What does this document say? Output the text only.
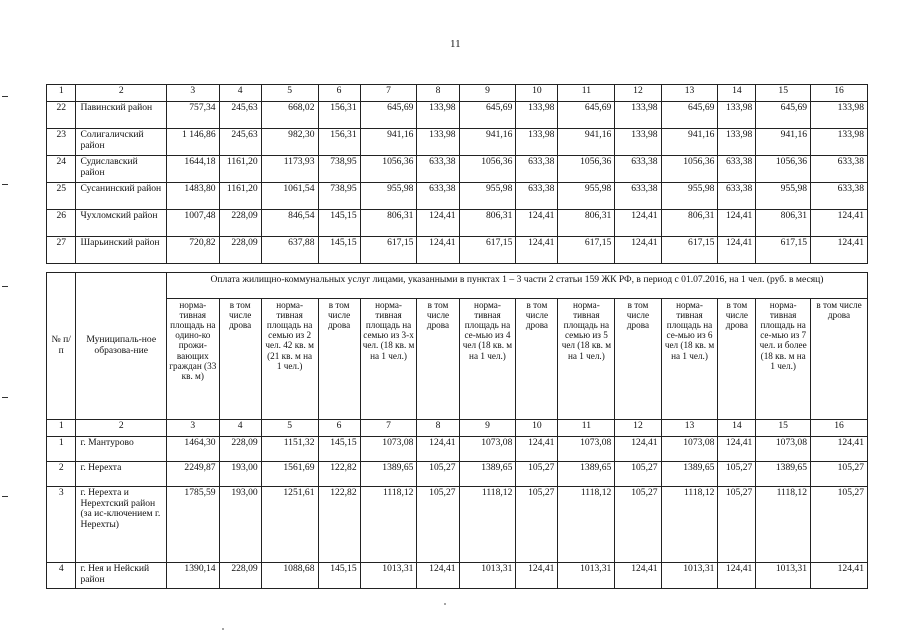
11
1	2	3	4	5	6	7	8	9	10	11	12	13	14	15	16
22	Павинский район	757,34	245,63	668,02	156,31	645,69	133,98	645,69	133,98	645,69	133,98	645,69	133,98	645,69	133,98
23	Солигаличский район	1 146,86	245,63	982,30	156,31	941,16	133,98	941,16	133,98	941,16	133,98	941,16	133,98	941,16	133,98
24	Судиславский район	1644,18	1161,20	1173,93	738,95	1056,36	633,38	1056,36	633,38	1056,36	633,38	1056,36	633,38	1056,36	633,38
25	Сусанинский район	1483,80	1161,20	1061,54	738,95	955,98	633,38	955,98	633,38	955,98	633,38	955,98	633,38	955,98	633,38
26	Чухломский район	1007,48	228,09	846,54	145,15	806,31	124,41	806,31	124,41	806,31	124,41	806,31	124,41	806,31	124,41
27	Шарьинский район	720,82	228,09	637,88	145,15	617,15	124,41	617,15	124,41	617,15	124,41	617,15	124,41	617,15	124,41
№ п/п	Муниципаль-ное образова-ние	Оплата жилищно-коммунальных услуг лицами, указанными в пунктах 1 – 3 части 2 статьи 159 ЖК РФ, в период с 01.07.2016, на 1 чел. (руб. в месяц)													
		норма-тивная площадь на одино-ко прожи-вающих граждан (33 кв. м)	в том числе дрова	норма-тивная площадь на семью из 2 чел. 42 кв. м (21 кв. м на 1 чел.)	в том числе дрова	норма-тивная площадь на семью из 3-х чел. (18 кв. м на 1 чел.)	в том числе дрова	норма-тивная площадь на се-мью из 4 чел (18 кв. м на 1 чел.)	в том числе дрова	норма-тивная площадь на семью из 5 чел (18 кв. м на 1 чел.)	в том числе дрова	норма-тивная площадь на се-мью из 6 чел (18 кв. м на 1 чел.)	в том числе дрова	норма-тивная площадь на се-мью из 7 чел. и более (18 кв. м на 1 чел.)	в том числе дрова
1	2	3	4	5	6	7	8	9	10	11	12	13	14	15	16
1	г. Мантурово	1464,30	228,09	1151,32	145,15	1073,08	124,41	1073,08	124,41	1073,08	124,41	1073,08	124,41	1073,08	124,41
2	г. Нерехта	2249,87	193,00	1561,69	122,82	1389,65	105,27	1389,65	105,27	1389,65	105,27	1389,65	105,27	1389,65	105,27
3	г. Нерехта и Нерехтский район (за ис-ключением г. Нерехты)	1785,59	193,00	1251,61	122,82	1118,12	105,27	1118,12	105,27	1118,12	105,27	1118,12	105,27	1118,12	105,27
4	г. Нея и Нейский район	1390,14	228,09	1088,68	145,15	1013,31	124,41	1013,31	124,41	1013,31	124,41	1013,31	124,41	1013,31	124,41
